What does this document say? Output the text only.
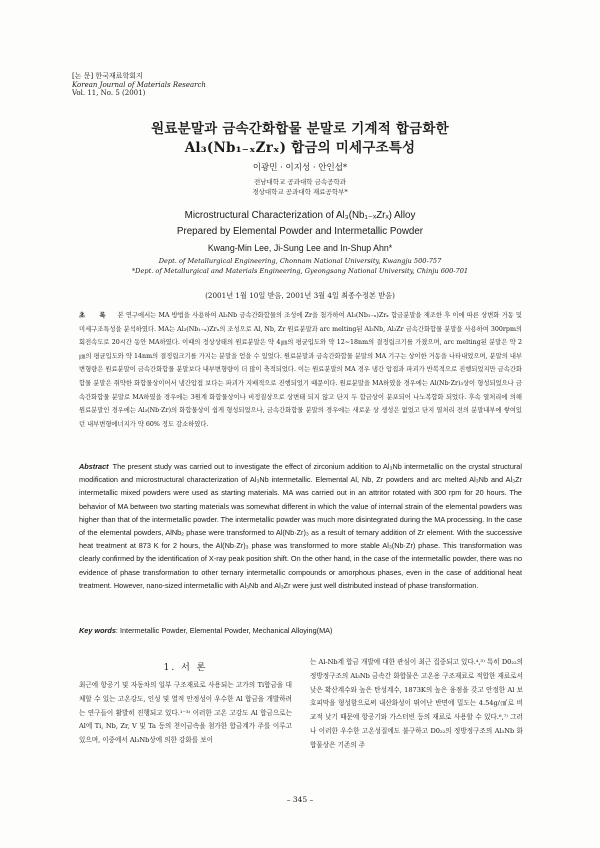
[논 문] 한국재료학회지
Korean Journal of Materials Research
Vol. 11, No. 5 (2001)
원료분말과 금속간화합물 분말로 기계적 합금화한
Al₃(Nb₁₋ₓZrₓ) 합금의 미세구조특성
이광민 · 이지성 · 안인섭*
전남대학교 공과대학 금속공학과
경상대학교 공과대학 재료공학부*
Microstructural Characterization of Al₃(Nb₁₋ₓZrₓ) Alloy
Prepared by Elemental Powder and Intermetallic Powder
Kwang-Min Lee, Ji-Sung Lee and In-Shup Ahn*
Dept. of Metallurgical Engineering, Chonnam National University, Kwangju 500-757
*Dept. of Metallurgical and Materials Engineering, Gyeongsang National University, Chinju 600-701
(2001년 1월 10일 받음, 2001년 3월 4일 최종수정본 받음)
초 록 본 연구에서는 MA 방법을 사용하여 Al₃Nb 금속간화합물의 조성에 Zr을 첨가하여 Al₃(Nb₁₋ₓ)Zrₓ 합금분말을 제조한 후 이에 따른 상변화 거동 및 미세구조특성을 분석하였다. MA는 Al₃(Nb₁₋ₓ)Zrₓ의 조성으로 Al, Nb, Zr 원료분말과 arc melting된 Al₃Nb, Al₃Zr 금속간화합물 분말을 사용하여 300rpm의 회전속도로 20시간 동안 MA하였다. 이때의 정상상태의 원료분말은 약 4㎛의 평균입도와 약 12~18nm의 결정립크기를 가졌으며, arc melting된 분말은 약 2㎛의 평균입도와 약 14nm의 결정립크기를 가지는 분말을 얻을 수 있었다. 원료분말과 금속간화합물 분말의 MA 기구는 상이한 거동을 나타내었으며, 분말의 내부변형량은 원료분말이 금속간화합물 분말보다 내부변형량이 더 많이 축적되었다. 이는 원료분말의 MA 경우 냉간 압접과 파괴가 반복적으로 진행되었지만 금속간화합물 분말은 취약한 화합물상이어서 냉간압접 보다는 파괴가 지배적으로 진행되었기 때문이다. 원료분말을 MA하였을 경우에는 Al(Nb·Zr)₃상이 형성되었으나 금속간화합물 분말로 MA하였을 경우에는 3원계 화합물상이나 비정질상으로 상변태 되지 않고 단지 두 합금상이 분포되어 나노복합화 되었다. 후속 열처리에 의해 원료분말인 경우에는 Al₃(Nb·Zr)의 화합물상이 쉽게 형성되었으나, 금속간화합물 분말의 경우에는 새로운 상 생성은 없었고 단지 열처리 전의 분말내부에 쌓여있던 내부변형에너지가 약 60% 정도 감소하였다.
Abstract The present study was carried out to investigate the effect of zirconium addition to Al₃Nb intermetallic on the crystal structural modification and microstructural characterization of Al₃Nb intermetallic. Elemental Al, Nb, Zr powders and arc melted Al₃Nb and Al₃Zr intermetallic mixed powders were used as starting materials. MA was carried out in an attritor rotated with 300 rpm for 20 hours. The behavior of MA between two starting materials was somewhat different in which the value of internal strain of the elemental powders was higher than that of the intermetallic powder. The intermetallic powder was much more disintegrated during the MA processing. In the case of the elemental powders, AlNb₂ phase were transformed to Al(Nb·Zr)₃ as a result of ternary addition of Zr element. With the successive heat treatment at 873 K for 2 hours, the Al(Nb·Zr)₃ phase was transformed to more stable Al₃(Nb·Zr) phase. This transformation was clearly confirmed by the identification of X-ray peak position shift. On the other hand, in the case of the intermetallic powder, there was no evidence of phase transformation to other ternary intermetallic compounds or amorphous phases, even in the case of additional heat treatment. However, nano-sized intermetallic with Al₃Nb and Al₃Zr were just well distributed instead of phase transformation.
Key words: Intermetallic Powder, Elemental Powder, Mechanical Alloying(MA)
1. 서 론
최근에 항공기 및 자동차의 일부 구조재료로 사용되는 고가의 Ti합금을 대체할 수 있는 고온강도, 인성 및 열적 안정성이 우수한 Al 합금을 개발하려는 연구들이 활발히 진행되고 있다.¹⁻³⁾ 이러한 고온 고강도 Al 합금으로는 Al에 Ti, Nb, Zr, V 및 Ta 등의 천이금속을 첨가한 합금계가 주를 이루고 있으며, 이중에서 Al₃Nb상에 의한 강화를 보이
는 Al-Nb계 합금 개발에 대한 관심이 최근 집중되고 있다.⁴,⁵⁾ 특히 D0₂₂의 정방정구조의 Al₃Nb 금속간 화합물은 고온용 구조재료로 적합한 재료로서 낮은 확산계수와 높은 탄성계수, 1873K의 높은 융점을 갖고 안정한 Al 보호피막을 형성함으로써 내산화성이 뛰어난 반면에 밀도는 4.54g/㎤로 비교적 낮기 때문에 항공기와 가스터빈 등의 재료로 사용할 수 있다.⁶,⁷⁾ 그러나 이러한 우수한 고온성질에도 불구하고 D0₂₂의 정방정구조의 Al₃Nb 화합물상은 기존의 주
– 345 –
